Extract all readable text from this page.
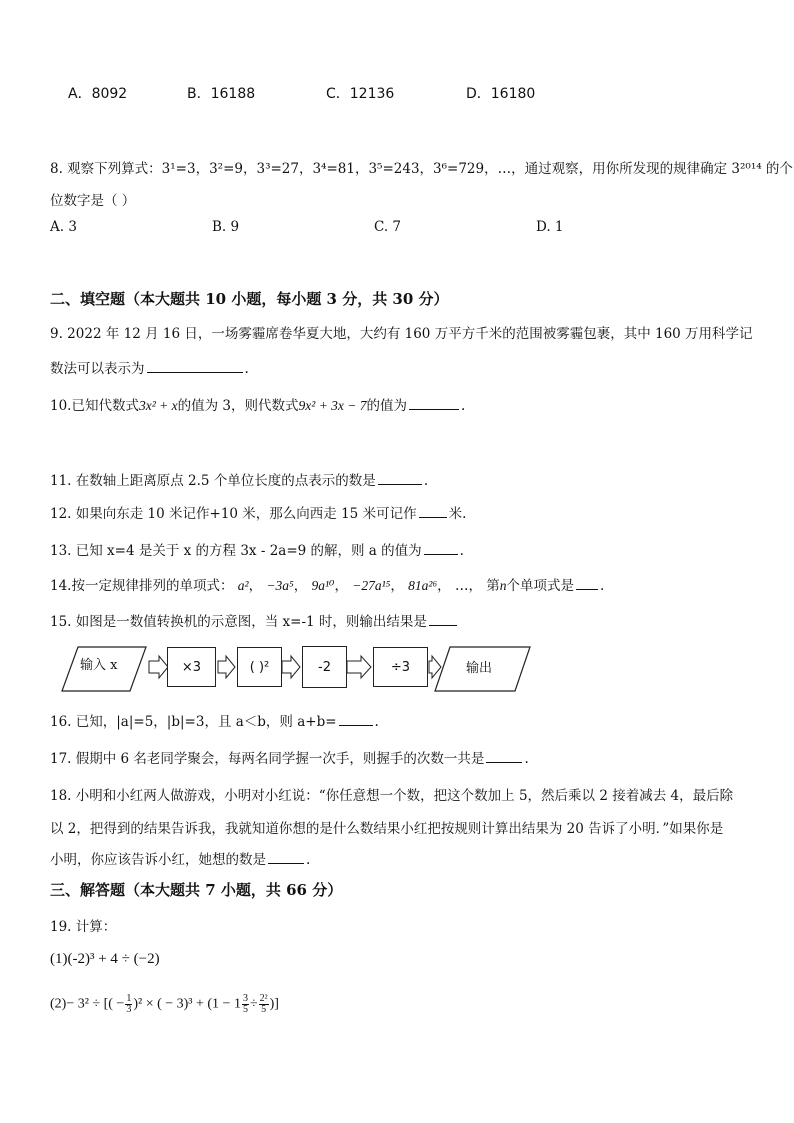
A．8092	B．16188	C．12136	D．16180
8. 观察下列算式：3¹=3，3²=9，3³=27，3⁴=81，3⁵=243，3⁶=729，…，通过观察，用你所发现的规律确定 3²⁰¹⁴ 的个
位数字是（ ）
A. 3	B. 9	C. 7	D. 1
二、填空题（本大题共 10 小题，每小题 3 分，共 30 分）
9. 2022 年 12 月 16 日，一场雾霾席卷华夏大地，大约有 160 万平方千米的范围被雾霾包裹，其中 160 万用科学记
数法可以表示为	.
10.已知代数式3x² + x的值为 3，则代数式9x² + 3x − 7的值为	.
11. 在数轴上距离原点 2.5 个单位长度的点表示的数是	.
12. 如果向东走 10 米记作+10 米，那么向西走 15 米可记作 米.
13. 已知 x=4 是关于 x 的方程 3x - 2a=9 的解，则 a 的值为	.
14.按一定规律排列的单项式： a²， −3a⁵， 9a¹⁰， −27a¹⁵， 81a²⁶， …， 第n个单项式是 .
15. 如图是一数值转换机的示意图，当 x=-1 时，则输出结果是
输入 x	×3	( )²	-2	÷3	输出
16. 已知，|a|=5，|b|=3，且 a＜b，则 a+b=	.
17. 假期中 6 名老同学聚会，每两名同学握一次手，则握手的次数一共是	.
18. 小明和小红两人做游戏，小明对小红说：“你任意想一个数，把这个数加上 5，然后乘以 2 接着减去 4，最后除
以 2，把得到的结果告诉我，我就知道你想的是什么数结果小红把按规则计算出结果为 20 告诉了小明．”如果你是
小明，你应该告诉小红，她想的数是	.
三、解答题（本大题共 7 小题，共 66 分）
19. 计算：
(1)(-2)³ + 4 ÷ (−2)
(2)− 3² ÷ [( − $\frac{1}{3} )^2$ × ( − $3)^3 + (1 - 1 \frac{3}{5} \div \frac{\text{2²}}{5}$ )]
